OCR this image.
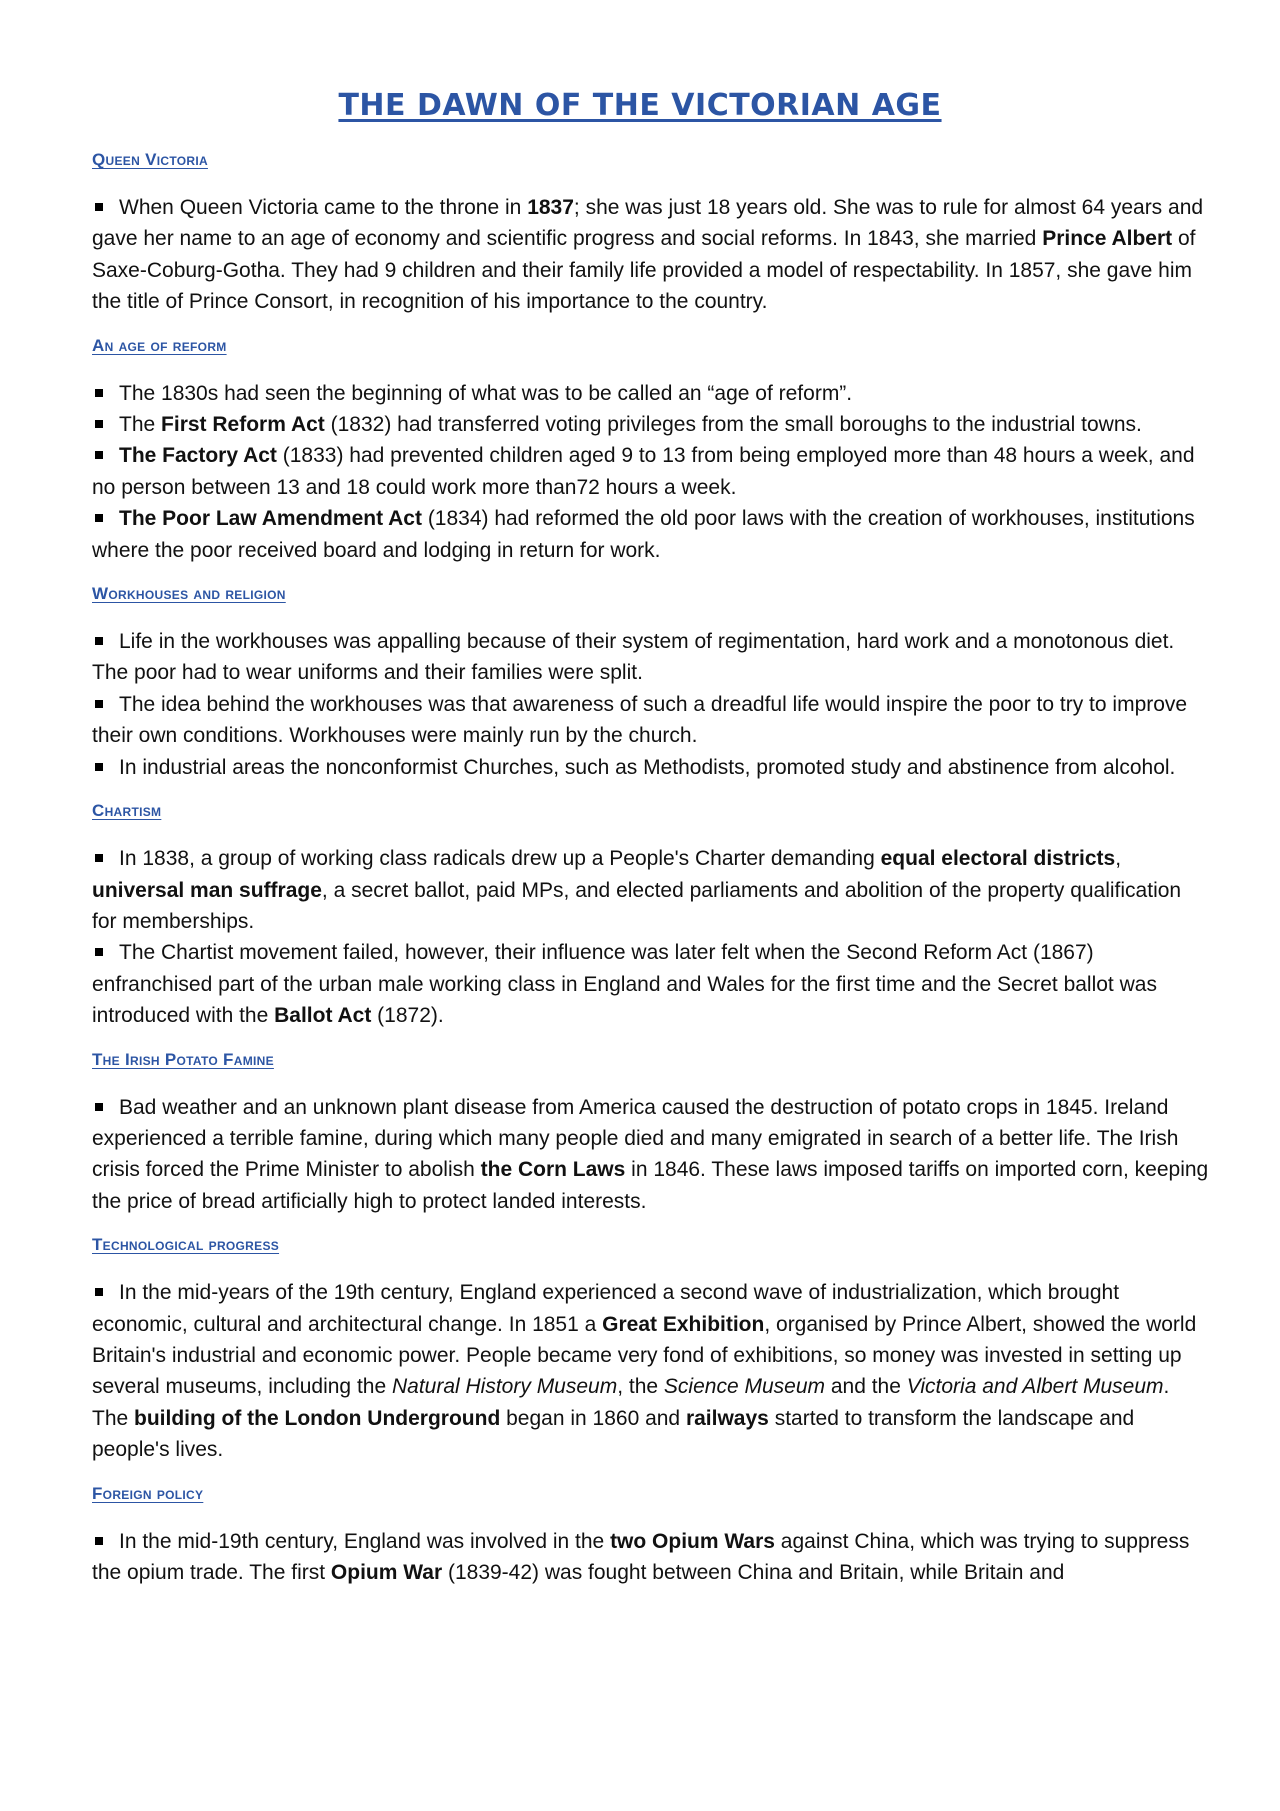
THE DAWN OF THE VICTORIAN AGE
Queen Victoria

When Queen Victoria came to the throne in 1837; she was just 18 years old. She was to rule for almost 64 years and gave her name to an age of economy and scientific progress and social reforms. In 1843, she married Prince Albert of Saxe-Coburg-Gotha. They had 9 children and their family life provided a model of respectability. In 1857, she gave him the title of Prince Consort, in recognition of his importance to the country.

An age of reform

The 1830s had seen the beginning of what was to be called an “age of reform”.

The First Reform Act (1832) had transferred voting privileges from the small boroughs to the industrial towns.

The Factory Act (1833) had prevented children aged 9 to 13 from being employed more than 48 hours a week, and no person between 13 and 18 could work more than72 hours a week.

The Poor Law Amendment Act (1834) had reformed the old poor laws with the creation of workhouses, institutions where the poor received board and lodging in return for work.

Workhouses and religion

Life in the workhouses was appalling because of their system of regimentation, hard work and a monotonous diet. The poor had to wear uniforms and their families were split.

The idea behind the workhouses was that awareness of such a dreadful life would inspire the poor to try to improve their own conditions. Workhouses were mainly run by the church.

In industrial areas the nonconformist Churches, such as Methodists, promoted study and abstinence from alcohol.

Chartism

In 1838, a group of working class radicals drew up a People's Charter demanding equal electoral districts, universal man suffrage, a secret ballot, paid MPs, and elected parliaments and abolition of the property qualification for memberships.

The Chartist movement failed, however, their influence was later felt when the Second Reform Act (1867) enfranchised part of the urban male working class in England and Wales for the first time and the Secret ballot was introduced with the Ballot Act (1872).

The Irish Potato Famine

Bad weather and an unknown plant disease from America caused the destruction of potato crops in 1845. Ireland experienced a terrible famine, during which many people died and many emigrated in search of a better life. The Irish crisis forced the Prime Minister to abolish the Corn Laws in 1846. These laws imposed tariffs on imported corn, keeping the price of bread artificially high to protect landed interests.

Technological progress

In the mid-years of the 19th century, England experienced a second wave of industrialization, which brought economic, cultural and architectural change. In 1851 a Great Exhibition, organised by Prince Albert, showed the world Britain's industrial and economic power. People became very fond of exhibitions, so money was invested in setting up several museums, including the Natural History Museum, the Science Museum and the Victoria and Albert Museum. The building of the London Underground began in 1860 and railways started to transform the landscape and people's lives.

Foreign policy

In the mid-19th century, England was involved in the two Opium Wars against China, which was trying to suppress the opium trade. The first Opium War (1839-42) was fought between China and Britain, while Britain and
